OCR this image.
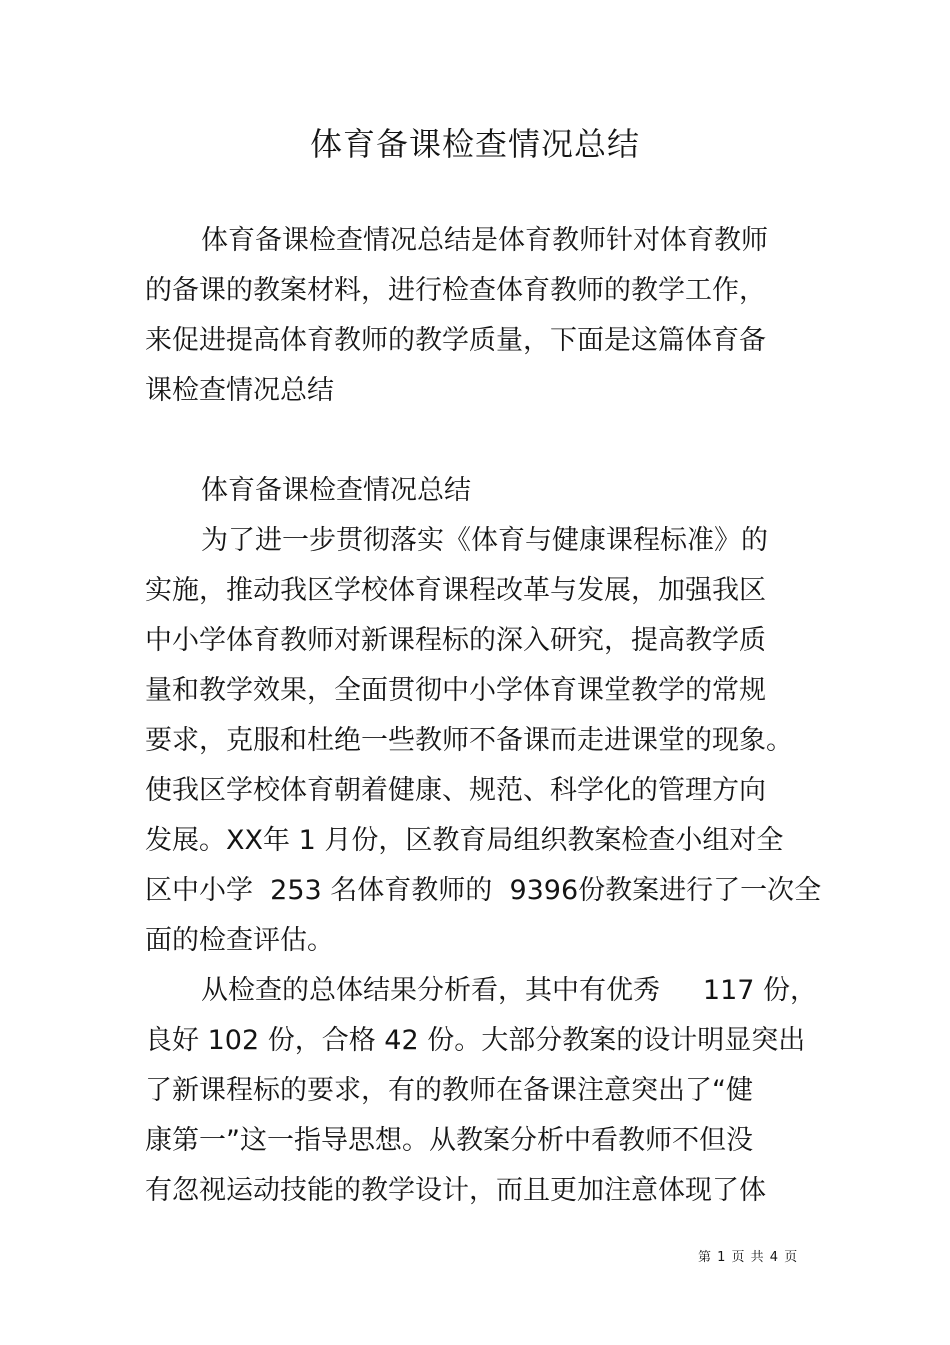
体育备课检查情况总结

体育备课检查情况总结是体育教师针对体育教师

的备课的教案材料，进行检查体育教师的教学工作，

来促进提高体育教师的教学质量，下面是这篇体育备

课检查情况总结

体育备课检查情况总结

为了进一步贯彻落实《体育与健康课程标准》的

实施，推动我区学校体育课程改革与发展，加强我区

中小学体育教师对新课程标的深入研究，提高教学质

量和教学效果，全面贯彻中小学体育课堂教学的常规

要求，克服和杜绝一些教师不备课而走进课堂的现象。

使我区学校体育朝着健康、规范、科学化的管理方向

发展。XX年 1 月份，区教育局组织教案检查小组对全

区中小学  253 名体育教师的  9396份教案进行了一次全

面的检查评估。

从检查的总体结果分析看，其中有优秀     117 份，

良好 102 份，合格 42 份。大部分教案的设计明显突出

了新课程标的要求，有的教师在备课注意突出了“健

康第一”这一指导思想。从教案分析中看教师不但没

有忽视运动技能的教学设计，而且更加注意体现了体

第 1 页 共 4 页
